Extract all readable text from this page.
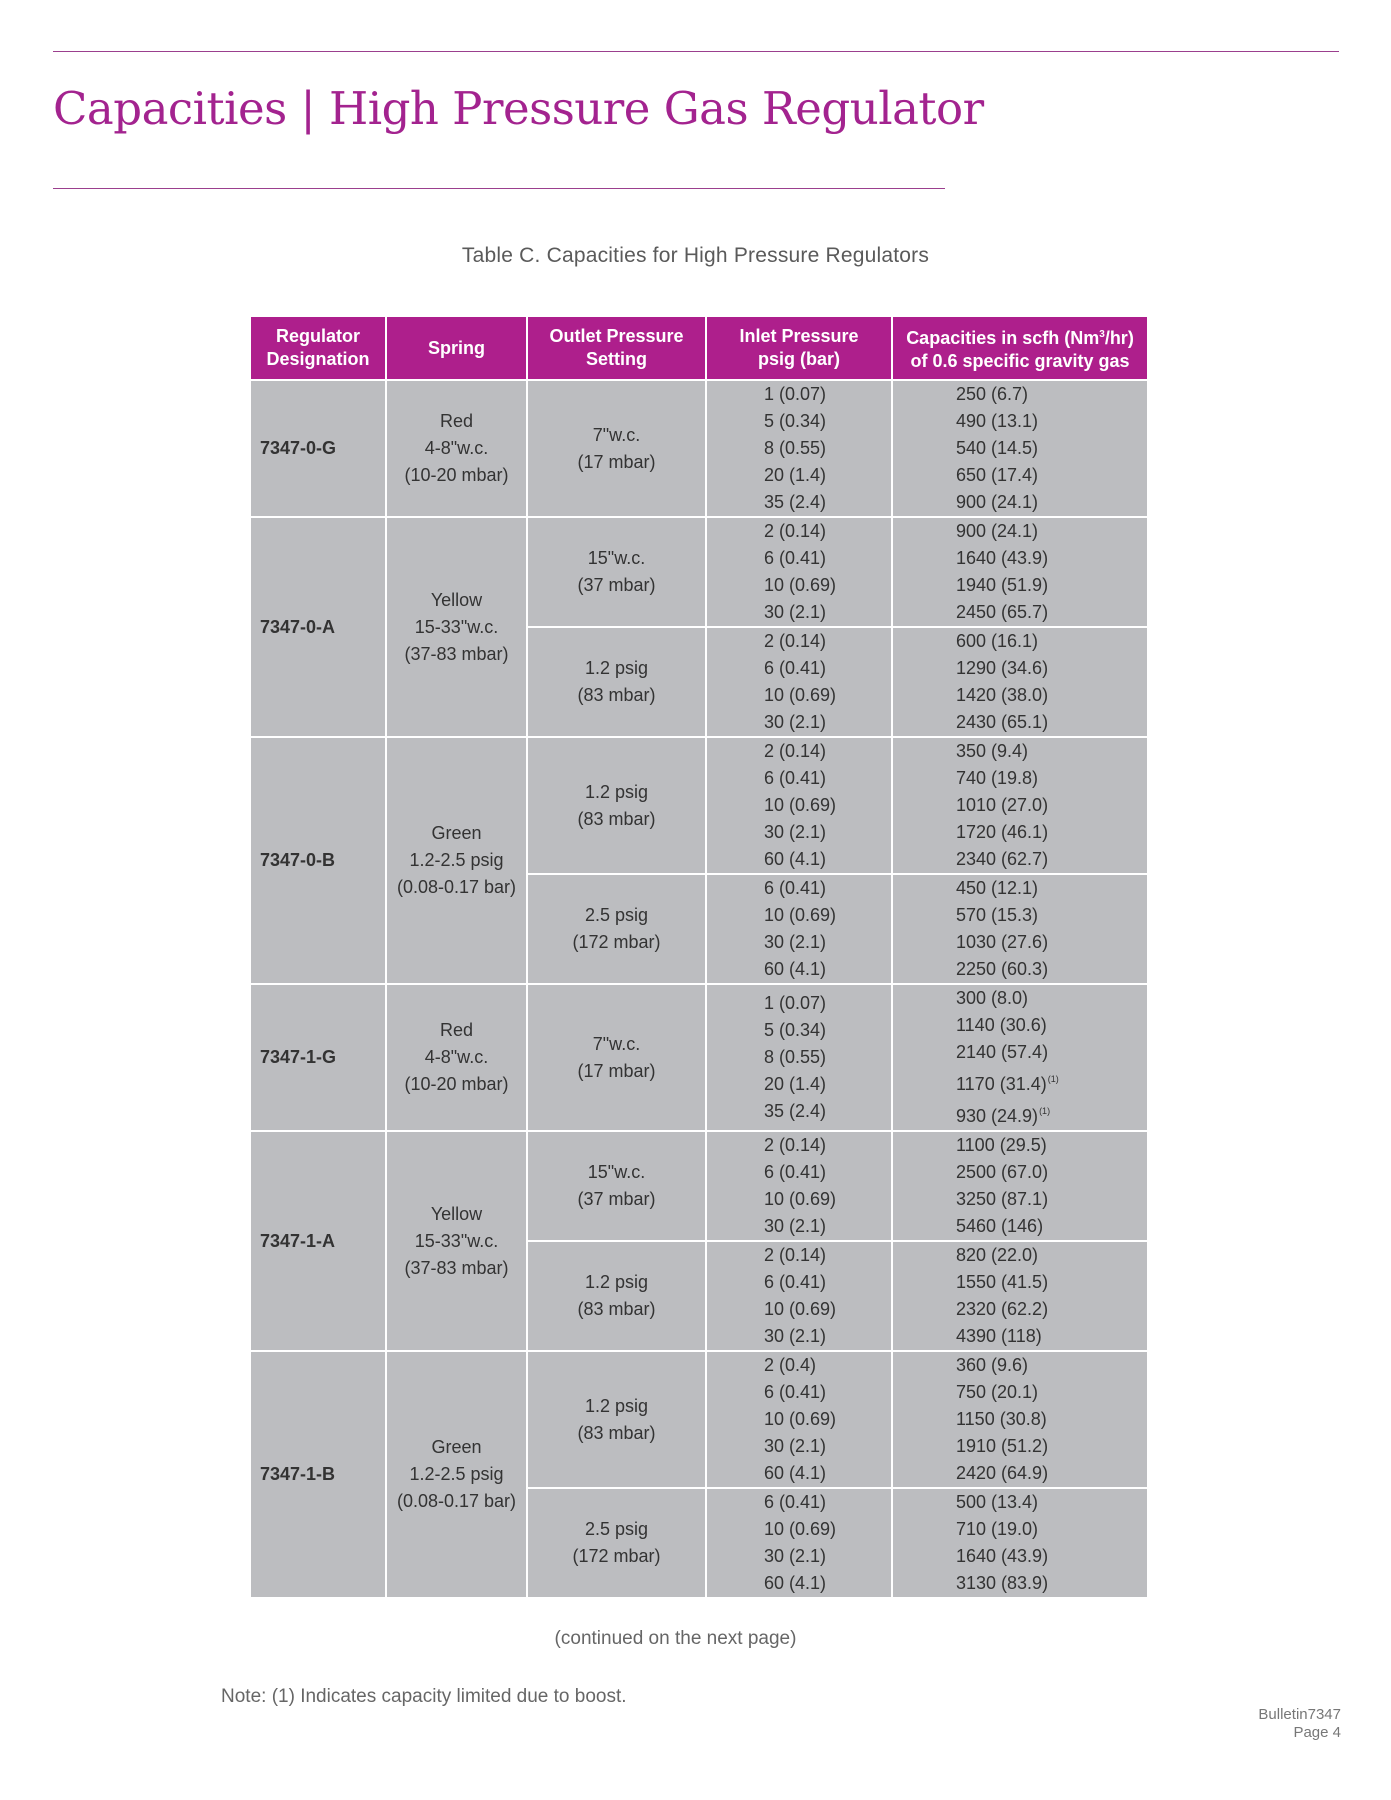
Capacities | High Pressure Gas Regulator
Table C. Capacities for High Pressure Regulators
Regulator
Designation

Spring

Outlet Pressure
Setting

Inlet Pressure
psig (bar)

Capacities in scfh (Nm$^3$/hr)
of 0.6 specific gravity gas

7347-0-G	Red
4-8"w.c.
(10-20 mbar)	7"w.c.
(17 mbar)	1 (0.07)
5 (0.34)
8 (0.55)
20 (1.4)
35 (2.4)	250 (6.7)
490 (13.1)
540 (14.5)
650 (17.4)
900 (24.1)

7347-0-A	Yellow
15-33"w.c.
(37-83 mbar)	15"w.c.
(37 mbar)	2 (0.14)
6 (0.41)
10 (0.69)
30 (2.1)	900 (24.1)
1640 (43.9)
1940 (51.9)
2450 (65.7)

		1.2 psig
(83 mbar)	2 (0.14)
6 (0.41)
10 (0.69)
30 (2.1)	600 (16.1)
1290 (34.6)
1420 (38.0)
2430 (65.1)

7347-0-B	Green
1.2-2.5 psig
(0.08-0.17 bar)	1.2 psig
(83 mbar)	2 (0.14)
6 (0.41)
10 (0.69)
30 (2.1)
60 (4.1)	350 (9.4)
740 (19.8)
1010 (27.0)
1720 (46.1)
2340 (62.7)

		2.5 psig
(172 mbar)	6 (0.41)
10 (0.69)
30 (2.1)
60 (4.1)	450 (12.1)
570 (15.3)
1030 (27.6)
2250 (60.3)

7347-1-G	Red
4-8"w.c.
(10-20 mbar)	7"w.c.
(17 mbar)	1 (0.07)
5 (0.34)
8 (0.55)
20 (1.4)
35 (2.4)	300 (8.0)
1140 (30.6)
2140 (57.4)
1170 (31.4)$^{(1)}$
930 (24.9)$^{(1)}$

7347-1-A	Yellow
15-33"w.c.
(37-83 mbar)	15"w.c.
(37 mbar)	2 (0.14)
6 (0.41)
10 (0.69)
30 (2.1)	1100 (29.5)
2500 (67.0)
3250 (87.1)
5460 (146)

		1.2 psig
(83 mbar)	2 (0.14)
6 (0.41)
10 (0.69)
30 (2.1)	820 (22.0)
1550 (41.5)
2320 (62.2)
4390 (118)

7347-1-B	Green
1.2-2.5 psig
(0.08-0.17 bar)	1.2 psig
(83 mbar)	2 (0.4)
6 (0.41)
10 (0.69)
30 (2.1)
60 (4.1)	360 (9.6)
750 (20.1)
1150 (30.8)
1910 (51.2)
2420 (64.9)

		2.5 psig
(172 mbar)	6 (0.41)
10 (0.69)
30 (2.1)
60 (4.1)	500 (13.4)
710 (19.0)
1640 (43.9)
3130 (83.9)
(continued on the next page)
Note: (1) Indicates capacity limited due to boost.
Bulletin7347
Page 4
